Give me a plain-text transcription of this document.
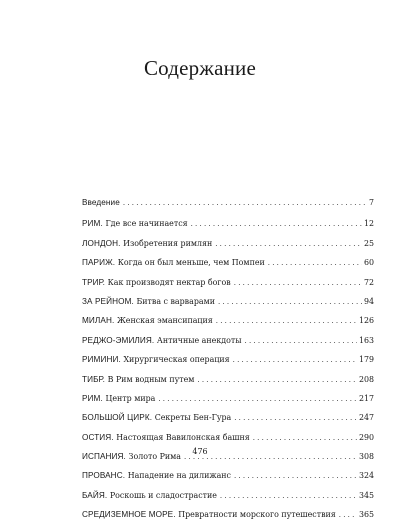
Содержание
Введение . . .	7
РИМ.
Где все начинается . . .	12
ЛОНДОН.
Изобретения римлян . . .	25
ПАРИЖ.
Когда он был меньше, чем Помпеи . . .	60
ТРИР.
Как производят нектар богов . . .	72
ЗА РЕЙНОМ.
Битва с варварами . . .	94
МИЛАН.
Женская эмансипация . . .	126
РЕДЖО-ЭМИЛИЯ.
Античные анекдоты . . .	163
РИМИНИ.
Хирургическая операция . . .	179
ТИБР.
В Рим водным путем . . .	208
РИМ.
Центр мира . . .	217
БОЛЬШОЙ ЦИРК.
Секреты Бен-Гура . . .	247
ОСТИЯ.
Настоящая Вавилонская башня . . .	290
ИСПАНИЯ.
Золото Рима . . .	308
ПРОВАНС.
Нападение на дилижанс . . .	324
БАЙЯ.
Роскошь и сладострастие . . .	345
СРЕДИЗЕМНОЕ МОРЕ.
Превратности морского путешествия . . .	365

476
